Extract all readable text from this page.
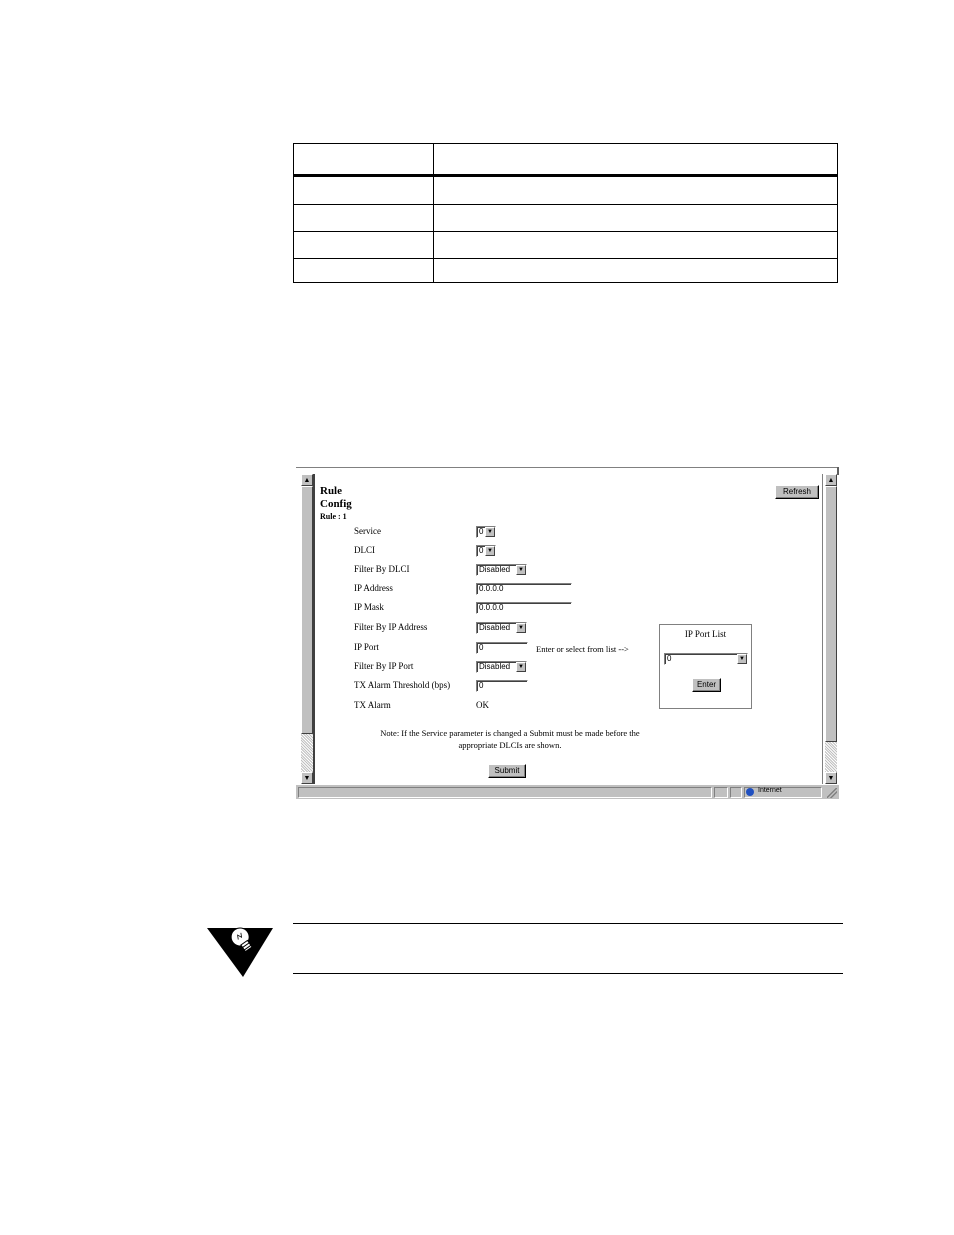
▲
▼
▲
▼
Rule
Config
Rule : 1
Refresh
Service	0 ▼
DLCI	0 ▼
Filter By DLCI	Disabled	▼
IP Address	0.0.0.0
IP Mask	0.0.0.0
Filter By IP Address	Disabled	▼
IP Port	0	Enter or select from list -->
Filter By IP Port	Disabled	▼
TX Alarm Threshold (bps)	0
TX Alarm	OK
IP Port List
0	▼
Enter
Note: If the Service parameter is changed a Submit must be made before the
appropriate DLCIs are shown.
Submit
Internet
